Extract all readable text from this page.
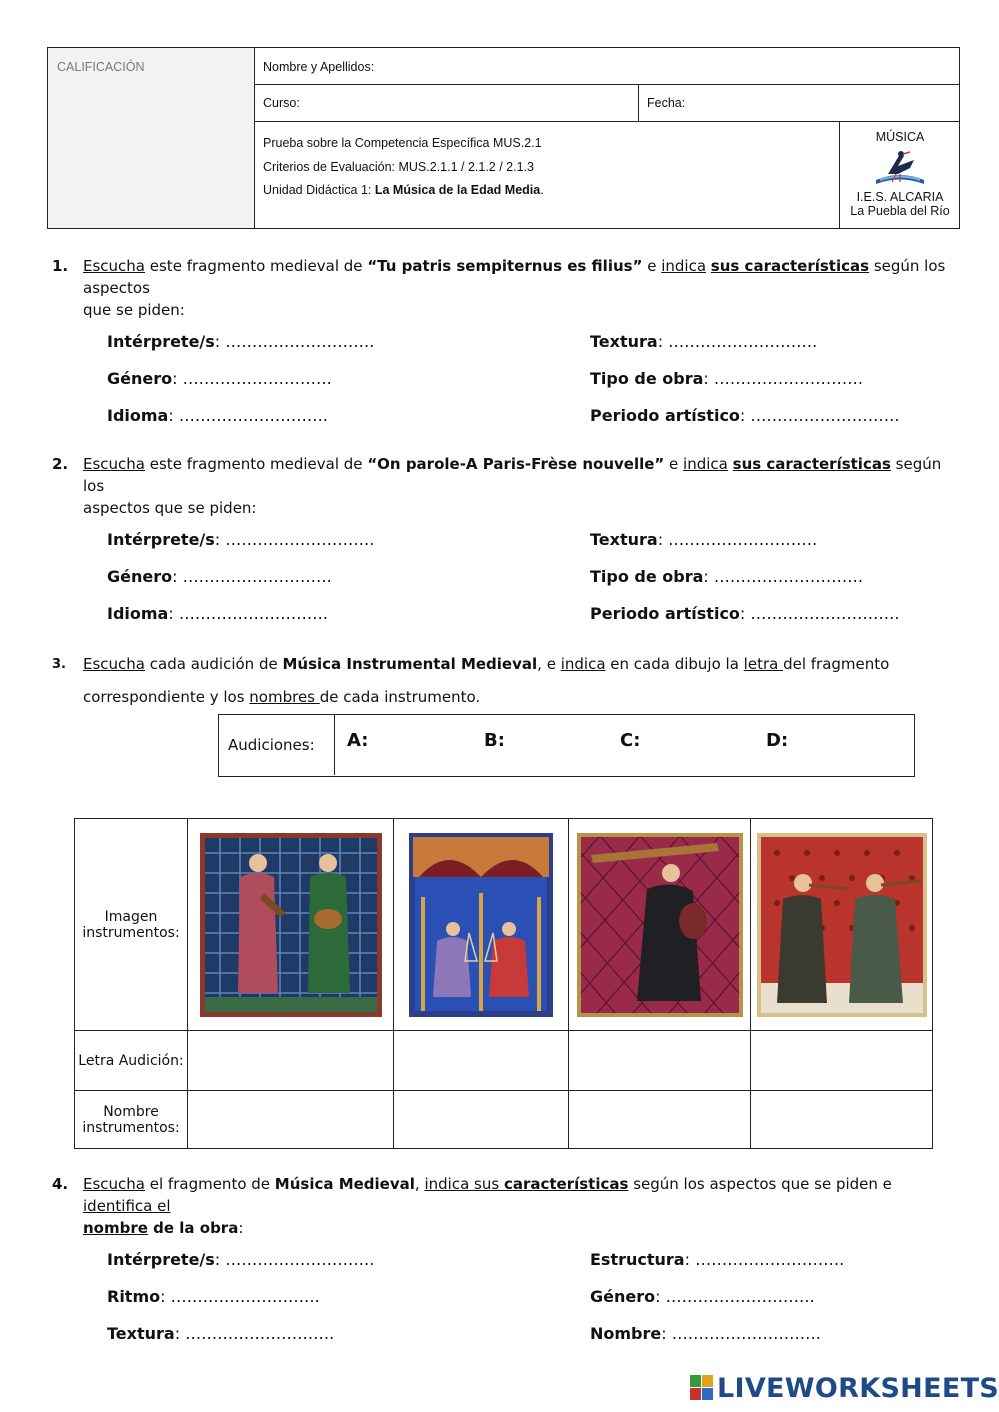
CALIFICACIÓN	Nombre y Apellidos:
Curso:	Fecha:
Prueba sobre la Competencia Específica MUS.2.1
Criterios de Evaluación: MUS.2.1.1 / 2.1.2 / 2.1.3
Unidad Didáctica 1: La Música de la Edad Media.
MÚSICA
I.E.S. ALCARIA
La Puebla del Río
1. Escucha este fragmento medieval de “Tu patris sempiternus es filius” e indica sus características según los aspectos
que se piden:
Intérprete/s: ……………………….	Textura: ……………………….
Género: ……………………….	Tipo de obra: ……………………….
Idioma: ……………………….	Periodo artístico: ……………………….
2. Escucha este fragmento medieval de “On parole-A Paris-Frèse nouvelle” e indica sus características según los
aspectos que se piden:
Intérprete/s: ……………………….	Textura: ……………………….
Género: ……………………….	Tipo de obra: ……………………….
Idioma: ……………………….	Periodo artístico: ……………………….
3. Escucha cada audición de Música Instrumental Medieval, e indica en cada dibujo la letra del fragmento
correspondiente y los nombres de cada instrumento.
Audiciones:	A:	B:	C:	D:
Imagen instrumentos:	

Letra Audición:				
Nombre instrumentos:				
4. Escucha el fragmento de Música Medieval, indica sus características según los aspectos que se piden e identifica el
nombre de la obra:
Intérprete/s: ……………………….	Estructura: ……………………….
Ritmo: ……………………….	Género: ……………………….
Textura: ……………………….	Nombre: ……………………….
LIVEWORKSHEETS
